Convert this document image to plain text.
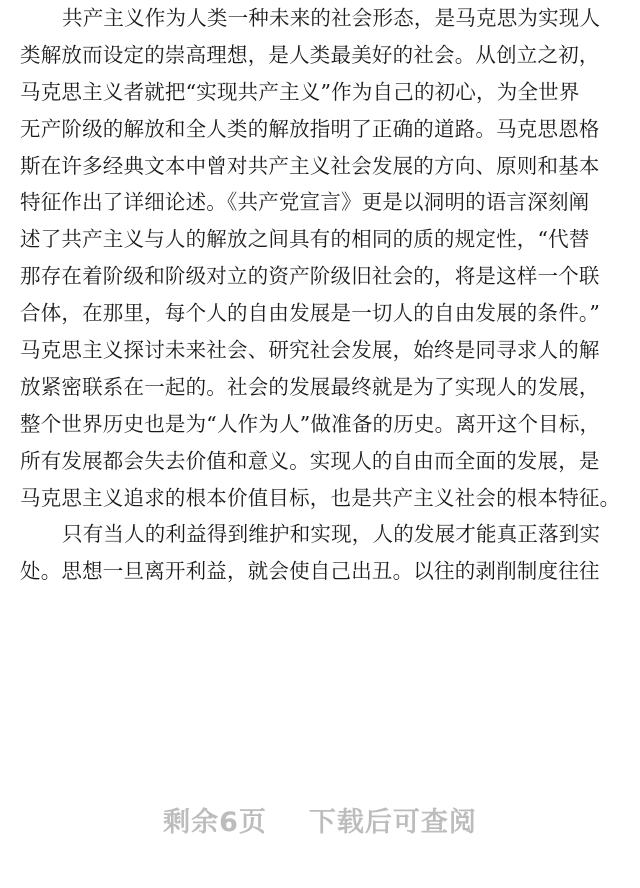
共产主义作为人类一种未来的社会形态，是马克思为实现人
类解放而设定的崇高理想，是人类最美好的社会。从创立之初，
马克思主义者就把“实现共产主义”作为自己的初心，为全世界
无产阶级的解放和全人类的解放指明了正确的道路。马克思恩格
斯在许多经典文本中曾对共产主义社会发展的方向、原则和基本
特征作出了详细论述。《共产党宣言》更是以洞明的语言深刻阐
述了共产主义与人的解放之间具有的相同的质的规定性，“代替
那存在着阶级和阶级对立的资产阶级旧社会的，将是这样一个联
合体，在那里，每个人的自由发展是一切人的自由发展的条件。”
马克思主义探讨未来社会、研究社会发展，始终是同寻求人的解
放紧密联系在一起的。社会的发展最终就是为了实现人的发展，
整个世界历史也是为“人作为人”做准备的历史。离开这个目标，
所有发展都会失去价值和意义。实现人的自由而全面的发展，是
马克思主义追求的根本价值目标，也是共产主义社会的根本特征。
只有当人的利益得到维护和实现，人的发展才能真正落到实
处。思想一旦离开利益，就会使自己出丑。以往的剥削制度往往
剩余6页 下载后可查阅
